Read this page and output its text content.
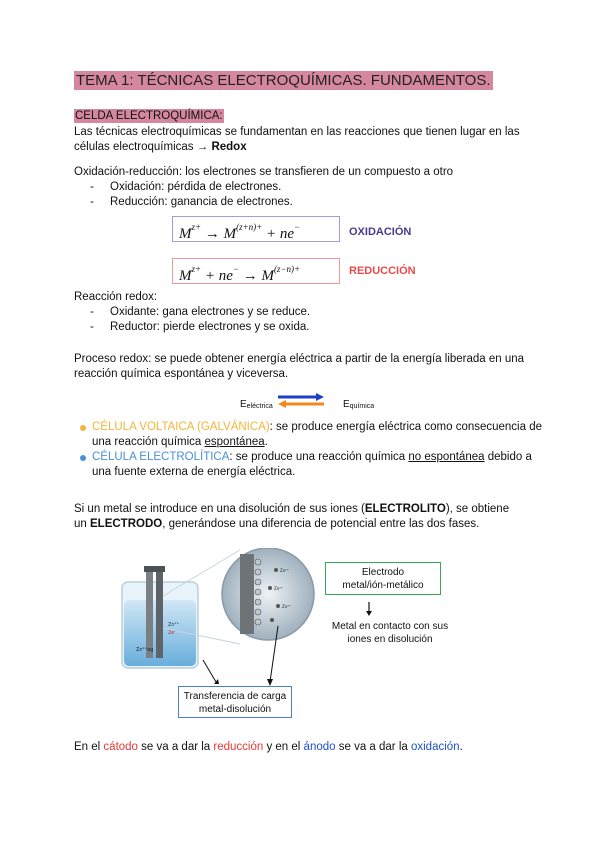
TEMA 1: TÉCNICAS ELECTROQUÍMICAS. FUNDAMENTOS.
CELDA ELECTROQUÍMICA:
Las técnicas electroquímicas se fundamentan en las reacciones que tienen lugar en las células electroquímicas → Redox
Oxidación-reducción: los electrones se transfieren de un compuesto a otro
- Oxidación: pérdida de electrones.
- Reducción: ganancia de electrones.
$M^{z+} \to M^{(z+n)+} + ne^-$	OXIDACIÓN
$M^{z+} + ne^- \to M^{(z-n)+}$	REDUCCIÓN
Reacción redox:
- Oxidante: gana electrones y se reduce.
- Reductor: pierde electrones y se oxida.
Proceso redox: se puede obtener energía eléctrica a partir de la energía liberada en una reacción química espontánea y viceversa.
$E_{eléctrica}$	$E_{química}$
CÉLULA VOLTAICA (GALVÁNICA): se produce energía eléctrica como consecuencia de una reacción química espontánea.
CÉLULA ELECTROLÍTICA: se produce una reacción química no espontánea debido a una fuente externa de energía eléctrica.
Si un metal se introduce en una disolución de sus iones (ELECTROLITO), se obtiene un ELECTRODO, generándose una diferencia de potencial entre las dos fases.
Zn²⁺
2e⁻
Zn²⁺ag
Zn²⁺
Zn²⁺
Zn²⁺
Electrodo
metal/ión-metálico
Metal en contacto con sus
iones en disolución
Transferencia de carga
metal-disolución
En el cátodo se va a dar la reducción y en el ánodo se va a dar la oxidación.
